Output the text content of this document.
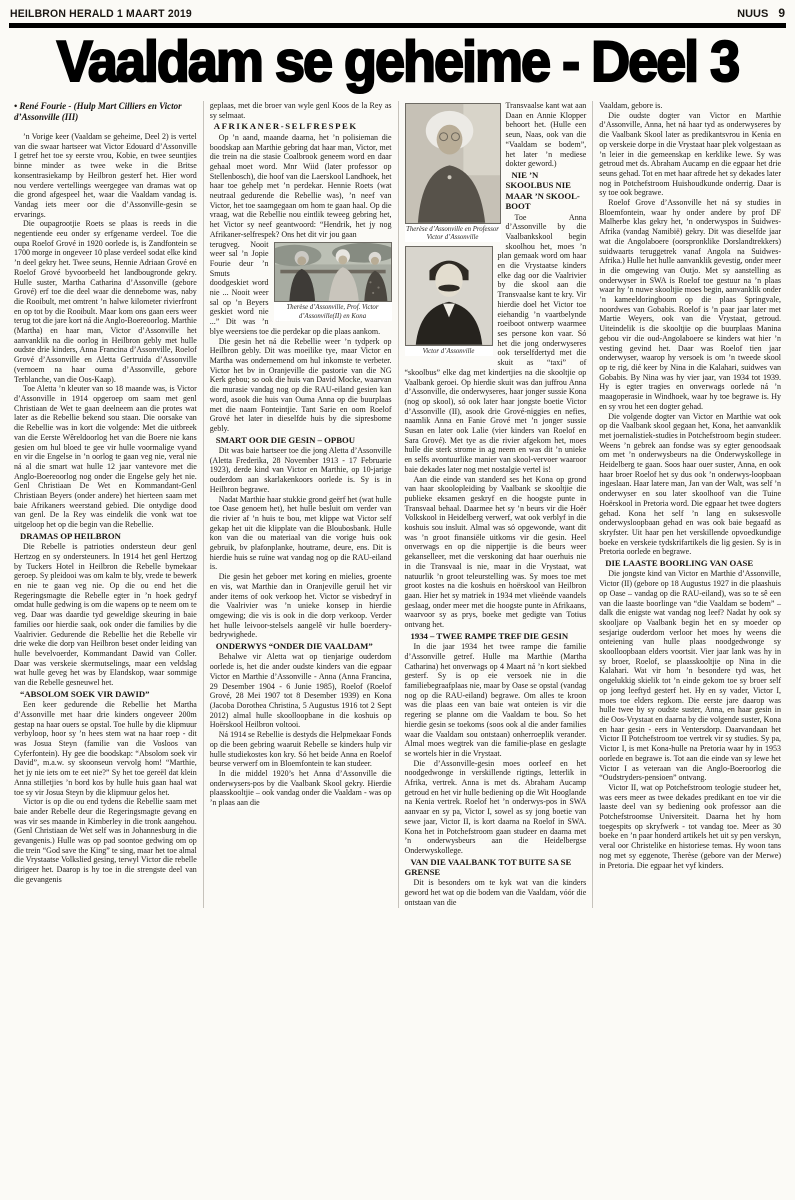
HEILBRON HERALD 1 MAART 2019	NUUS 9
Vaaldam se geheime - Deel 3

• René Fourie - (Hulp Mart Cilliers en Victor d’Assonville (III)

’n Vorige keer (Vaaldam se geheime, Deel 2) is vertel van die swaar hartseer wat Victor Edouard d’Assonville I getref het toe sy eerste vrou, Kobie, en twee seuntjies binne minder as twee weke in die Britse konsentrasiekamp by Heilbron gesterf het. Hier word nou verdere vertellings weergegee van dramas wat op die grond afgespeel het, waar die Vaaldam vandag is. Vandag iets meer oor die d’Assonville-gesin se ervarings.

Die oupagrootjie Roets se plaas is reeds in die negentiende eeu onder sy erfgename verdeel. Toe die oupa Roelof Grové in 1920 oorlede is, is Zandfontein se 1700 morge in ongeveer 10 plase verdeel sodat elke kind ’n deel gekry het. Twee seuns, Hennie Adriaan Grové en Roelof Grové byvoorbeeld het landbougronde gekry. Hulle suster, Martha Catharina d’Assonville (gebore Grové) erf toe die deel waar die dennebome was, naby die Rooibult, met omtrent ’n halwe kilometer rivierfront en op tot by die Rooibult. Maar kom ons gaan eers weer terug tot die jare kort ná die Anglo-Boereoorlog. Marthie (Martha) en haar man, Victor d’Assonville het aanvanklik na die oorlog in Heilbron gebly met hulle oudste drie kinders, Anna Francina d’Assonville, Roelof Grové d’Assonville en Aletta Gertruida d’Assonville (vernoem na haar ouma d’Assonville, gebore Terblanche, van die Oos-Kaap).

Toe Aletta ’n kleuter van so 18 maande was, is Victor d’Assonville in 1914 opgeroep om saam met genl Christiaan de Wet te gaan deelneem aan die protes wat later as die Rebellie bekend sou staan. Die oorsake van die Rebellie was in kort die volgende: Met die uitbreek van die Eerste Wêreldoorlog het van die Boere nie kans gesien om hul bloed te gee vir hulle voormalige vyand en vir die Engelse in ’n oorlog te gaan veg nie, veral nie ná al die smart wat hulle 12 jaar vantevore met die Anglo-Boereoorlog nog onder die Engelse gely het nie. Genl Christiaan De Wet en Kommandant-Genl Christiaan Beyers (onder andere) het hierteen saam met baie Afrikaners weerstand gebied. Die ontydige dood van genl. De la Rey was eindelik die vonk wat toe uitgeloop het op die begin van die Rebellie.

DRAMAS OP HEILBRON

Die Rebelle is patrioties ondersteun deur genl Hertzog en sy ondersteuners. In 1914 het genl Hertzog by Tuckers Hotel in Heilbron die Rebelle bymekaar geroep. Sy pleidooi was om kalm te bly, vrede te bewerk en nie te gaan veg nie. Op die ou end het die Regeringsmagte die Rebelle egter in ’n hoek gedryf omdat hulle gedwing is om die wapens op te neem om te veg. Daar was daardie tyd geweldige skeuring in baie families oor hierdie saak, ook onder die families by die Vaalrivier. Gedurende die Rebellie het die Rebelle vir drie weke die dorp van Heilbron beset onder leiding van hulle bevelvoerder, Kommandant Dawid van Coller. Daar was verskeie skermutselings, maar een veldslag wat hulle geveg het was by Elandskop, waar sommige van die Rebelle gesneuwel het.

“ABSOLOM SOEK VIR DAWID”

Een keer gedurende die Rebellie het Martha d’Assonville met haar drie kinders ongeveer 200m gestap na haar ouers se opstal. Toe hulle by die klipmuur verbyloop, hoor sy ’n hees stem wat na haar roep - dit was Josua Steyn (familie van die Vosloos van Cyferfontein). Hy gee die boodskap: “Absolom soek vir David”, m.a.w. sy skoonseun vervolg hom! “Marthie, het jy nie iets om te eet nie?” Sy het toe gereël dat klein Anna stilletjies ’n bord kos by hulle huis gaan haal wat toe sy vir Josua Steyn by die klipmuur gelos het.

Victor is op die ou end tydens die Rebellie saam met baie ander Rebelle deur die Regeringsmagte gevang en was vir ses maande in Kimberley in die tronk aangehou. (Genl Christiaan de Wet self was in Johannesburg in die gevangenis.) Hulle was op pad soontoe gedwing om op die trein “God save the King” te sing, maar het toe almal die Vrystaatse Volkslied gesing, terwyl Victor die rebelle dirigeer het. Daarop is hy toe in die strengste deel van die gevangenis

geplaas, met die broer van wyle genl Koos de la Rey as sy selmaat.

AFRIKANER-SELFRESPEK

Op ’n aand, maande daarna, het ’n polisieman die boodskap aan Marthie gebring dat haar man, Victor, met die trein na die stasie Coalbrook geneem word en daar gehaal moet word. Mnr Wiid (later professor op Stellenbosch), die hoof van die Laerskool Landhoek, het haar toe gehelp met ’n perdekar. Hennie Roets (wat neutraal gedurende die Rebellie was), ’n neef van Victor, het toe saamgegaan om hom te gaan haal. Op die vraag, wat die Rebellie nou eintlik teweeg gebring het, het Victor sy neef geantwoord: “Hendrik, het jy nog Afrikaner-selfrespek? Ons het dit vir jou gaan

Therèse d’Assonville, Prof. Victor d’Assonville(II) en Kona

terugveg. Nooit weer sal ’n Jopie Fourie deur ’n Smuts doodgeskiet word nie ... Nooit weer sal op ’n Beyers geskiet word nie ...” Dit was ’n blye weersiens toe die perdekar op die plaas aankom.

Die gesin het ná die Rebellie weer ’n tydperk op Heilbron gebly. Dit was moeilike tye, maar Victor en Martha was ondernemend om hul inkomste te verbeter. Victor het bv in Oranjeville die pastorie van die NG Kerk gebou; so ook die huis van David Mocke, waarvan die murasie vandag nog op die RAU-eiland gesien kan word, asook die huis van Ouma Anna op die buurplaas met die naam Fonteintjie. Tant Sarie en oom Roelof Grové het later in dieselfde huis by die sipresbome gebly.

SMART OOR DIE GESIN – OPBOU

Dit was baie hartseer toe die jong Aletta d’Assonville (Aletta Frederika, 28 November 1913 - 17 Februarie 1923), derde kind van Victor en Marthie, op 10-jarige ouderdom aan skarlakenkoors oorlede is. Sy is in Heilbron begrawe.

Nadat Marthie haar stukkie grond geërf het (wat hulle toe Oase genoem het), het hulle besluit om verder van die rivier af ’n huis te bou, met klippe wat Victor self gekap het uit die klipplate van die Bloubosbank. Hulle kon van die ou materiaal van die vorige huis ook gebruik, bv plafonplanke, houtrame, deure, ens. Dit is hierdie huis se ruïne wat vandag nog op die RAU-eiland is.

Die gesin het geboer met koring en mielies, groente en vis, wat Marthie dan in Oranjeville geruil het vir ander items of ook verkoop het. Victor se visbedryf in die Vaalrivier was ’n unieke konsep in hierdie omgewing; die vis is ook in die dorp verkoop. Verder het hulle leivoor-stelsels aangelê vir hulle boerdery-bedrywighede.

ONDERWYS “ONDER DIE VAALDAM”

Behalwe vir Aletta wat op tienjarige ouderdom oorlede is, het die ander oudste kinders van die egpaar Victor en Marthie d’Assonville - Anna (Anna Francina, 29 Desember 1904 - 6 Junie 1985), Roelof (Roelof Grové, 28 Mei 1907 tot 8 Desember 1939) en Kona (Jacoba Dorothea Christina, 5 Augustus 1916 tot 2 Sept 2012) almal hulle skoolloopbane in die koshuis op Hoërskool Heilbron voltooi.

Ná 1914 se Rebellie is destyds die Helpmekaar Fonds op die been gebring waaruit Rebelle se kinders hulp vir hulle studiekostes kon kry. Só het beide Anna en Roelof beurse verwerf om in Bloemfontein te kan studeer.

In die middel 1920’s het Anna d’Assonville die onderwysers-pos by die Vaalbank Skool gekry. Hierdie plaasskooltjie – ook vandag onder die Vaaldam - was op ’n plaas aan die

Therèse d’Assonville en Professor Victor d’Assonville
Victor d’Assonville

Transvaalse kant wat aan Daan en Annie Klopper behoort het. (Hulle een seun, Naas, ook van die “Vaaldam se bodem”, het later ’n mediese dokter geword.)

NIE ’N SKOOLBUS NIE MAAR ’N SKOOL-BOOT

Toe Anna d’Assonville by die Vaalbankskool begin skoolhou het, moes ’n plan gemaak word om haar en die Vrystaatse kinders elke dag oor die Vaalrivier by die skool aan die Transvaalse kant te kry. Vir hierdie doel het Victor toe eiehandig ’n vaartbelynde roeiboot ontwerp waarmee ses persone kon vaar. Só het die jong onderwyseres ook terselfdertyd met die skuit as “taxi” of “skoolbus” elke dag met kindertjies na die skooltjie op Vaalbank geroei. Op hierdie skuit was dan juffrou Anna d’Assonville, die onderwyseres, haar jonger sussie Kona (nog op skool), só ook later haar jongste boetie Victor d’Assonville (II), asook drie Grové-niggies en nefies, naamlik Anna en Fanie Grové met ’n jonger sussie Susan en later ook Lalie (vier kinders van Roelof en Sara Grové). Met tye as die rivier afgekom het, moes hulle die sterk strome in ag neem en was dit ’n unieke en selfs avontuurlike manier van skool-vervoer waaroor baie dekades later nog met nostalgie vertel is!

Aan die einde van standerd ses het Kona op grond van haar skoolopleiding by Vaalbank se skooltjie die publieke eksamen geskryf en die hoogste punte in Transvaal behaal. Daarmee het sy ’n beurs vir die Hoër Volkskool in Heidelberg verwerf, wat ook verblyf in die koshuis sou insluit. Almal was só opgewonde, want dit was ’n groot finansiële uitkoms vir die gesin. Heel onverwags en op die nippertjie is die beurs weer gekanselleer, met die verskoning dat haar ouerhuis nie in die Transvaal is nie, maar in die Vrystaat, wat natuurlik ’n groot teleurstelling was. Sy moes toe met groot kostes na die koshuis en hoërskool van Heilbron gaan. Hier het sy matriek in 1934 met vlieënde vaandels geslaag, onder meer met die hoogste punte in Afrikaans, waarvoor sy as prys, boeke met gedigte van Totius ontvang het.

1934 – TWEE RAMPE TREF DIE GESIN

In die jaar 1934 het twee rampe die familie d’Assonville getref. Hulle ma Marthie (Martha Catharina) het onverwags op 4 Maart ná ’n kort siekbed gesterf. Sy is op eie versoek nie in die familiebegraafplaas nie, maar by Oase se opstal (vandag nog op die RAU-eiland) begrawe. Om alles te kroon was die plaas een van baie wat onteien is vir die regering se planne om die Vaaldam te bou. So het hierdie gesin se toekoms (soos ook al die ander families waar die Vaaldam sou ontstaan) onherroeplik verander. Almal moes wegtrek van die familie-plase en geslagte se wortels hier in die Vrystaat.

Die d’Assonville-gesin moes oorleef en het noodgedwonge in verskillende rigtings, letterlik in Afrika, vertrek. Anna is met ds. Abraham Aucamp getroud en het vir hulle bediening op die Wit Hooglande na Kenia vertrek. Roelof het ’n onderwys-pos in SWA aanvaar en sy pa, Victor I, sowel as sy jong boetie van sewe jaar, Victor II, is kort daarna na Roelof in SWA. Kona het in Potchefstroom gaan studeer en daarna met ’n onderwysbeurs aan die Heidelbergse Onderwyskollege.

VAN DIE VAALBANK TOT BUITE SA SE GRENSE

Dit is besonders om te kyk wat van die kinders geword het wat op die bodem van die Vaaldam, vóór die ontstaan van die

Vaaldam, gebore is.

Die oudste dogter van Victor en Marthie d’Assonville, Anna, het ná haar tyd as onderwyseres by die Vaalbank Skool later as predikantsvrou in Kenia en op verskeie dorpe in die Vrystaat haar plek volgestaan as ’n leier in die gemeenskap en kerklike lewe. Sy was getroud met ds. Abraham Aucamp en die egpaar het drie seuns gehad. Tot en met haar aftrede het sy dekades later nog in Potchefstroom Huishoudkunde onderrig. Daar is sy toe ook begrawe.

Roelof Grove d’Assonville het ná sy studies in Bloemfontein, waar hy onder andere by prof DF Malherbe klas gekry het, ’n onderwyspos in Suidwes-Afrika (vandag Namibië) gekry. Dit was dieselfde jaar wat die Angolaboere (oorspronklike Dorslandtrekkers) suidwaarts teruggetrek vanaf Angola na Suidwes-Afrika.) Hulle het hulle aanvanklik gevestig, onder meer in die omgewing van Outjo. Met sy aanstelling as onderwyser in SWA is Roelof toe gestuur na ’n plaas waar hy ’n nuwe skooltjie moes begin, aanvanklik onder ’n kameeldoringboom op die plaas Springvale, noordwes van Gobabis. Roelof is ’n paar jaar later met Martie Weyers, ook van die Vrystaat, getroud. Uiteindelik is die skooltjie op die buurplaas Manina gebou vir die oud-Angolaboere se kinders wat hier ’n vesting gevind het. Daar was Roelof tien jaar onderwyser, waarop hy versoek is om ’n tweede skool op te rig, dié keer by Nina in die Kalahari, suidwes van Gobabis. By Nina was hy vier jaar, van 1934 tot 1939. Hy is egter tragies en onverwags oorlede ná ’n maagoperasie in Windhoek, waar hy toe begrawe is. Hy en sy vrou het een dogter gehad.

Die volgende dogter van Victor en Marthie wat ook op die Vaalbank skool gegaan het, Kona, het aanvanklik met joernalistiek-studies in Potchefstroom begin studeer. Weens ’n gebrek aan fondse was sy egter genoodsaak om met ’n onderwysbeurs na die Onderwyskollege in Heidelberg te gaan. Soos haar ouer suster, Anna, en ook haar broer Roelof het sy dus ook ’n onderwys-loopbaan ingeslaan. Haar latere man, Jan van der Walt, was self ’n onderwyser en sou later skoolhoof van die Tuine Hoërskool in Pretoria word. Die egpaar het twee dogters gehad. Kona het self ’n lang en suksesvolle onderwysloopbaan gehad en was ook baie begaafd as skryfster. Uit haar pen het verskillende opvoedkundige boeke en verskeie tydskrifartikels die lig gesien. Sy is in Pretoria oorlede en begrawe.

DIE LAASTE BOORLING VAN OASE

Die jongste kind van Victor en Marthie d’Assonville, Victor (II) (gebore op 18 Augustus 1927 in die plaashuis op Oase – vandag op die RAU-eiland), was so te sê een van die laaste boorlinge van “die Vaaldam se bodem” – dalk die enigste wat vandag nog leef? Nadat hy ook sy skooljare op Vaalbank begin het en sy moeder op sesjarige ouderdom verloor het moes hy weens die onteiening van hulle plaas noodgedwonge sy skoolloopbaan elders voortsit. Vier jaar lank was hy in sy broer, Roelof, se plaasskooltjie op Nina in die Kalahari. Wat vir hom ’n besondere tyd was, het ongelukkig skielik tot ’n einde gekom toe sy broer self op jong leeftyd gesterf het. Hy en sy vader, Victor I, moes toe elders regkom. Die eerste jare daarop was hulle twee by sy oudste suster, Anna, en haar gesin in die Oos-Vrystaat en daarna by die volgende suster, Kona en haar gesin - eers in Ventersdorp. Daarvandaan het Victor II Potchefstroom toe vertrek vir sy studies. Sy pa, Victor I, is met Kona-hulle na Pretoria waar hy in 1953 oorlede en begrawe is. Tot aan die einde van sy lewe het Victor I as veteraan van die Anglo-Boeroorlog die “Oudstryders-pensioen” ontvang.

Victor II, wat op Potchefstroom teologie studeer het, was eers meer as twee dekades predikant en toe vir die laaste deel van sy bediening ook professor aan die Potchefstroomse Universiteit. Daarna het hy hom toegespits op skryfwerk - tot vandag toe. Meer as 30 boeke en ’n paar honderd artikels het uit sy pen verskyn, veral oor Christelike en historiese temas. Hy woon tans nog met sy eggenote, Therèse (gebore van der Merwe) in Pretoria. Die egpaar het vyf kinders.
